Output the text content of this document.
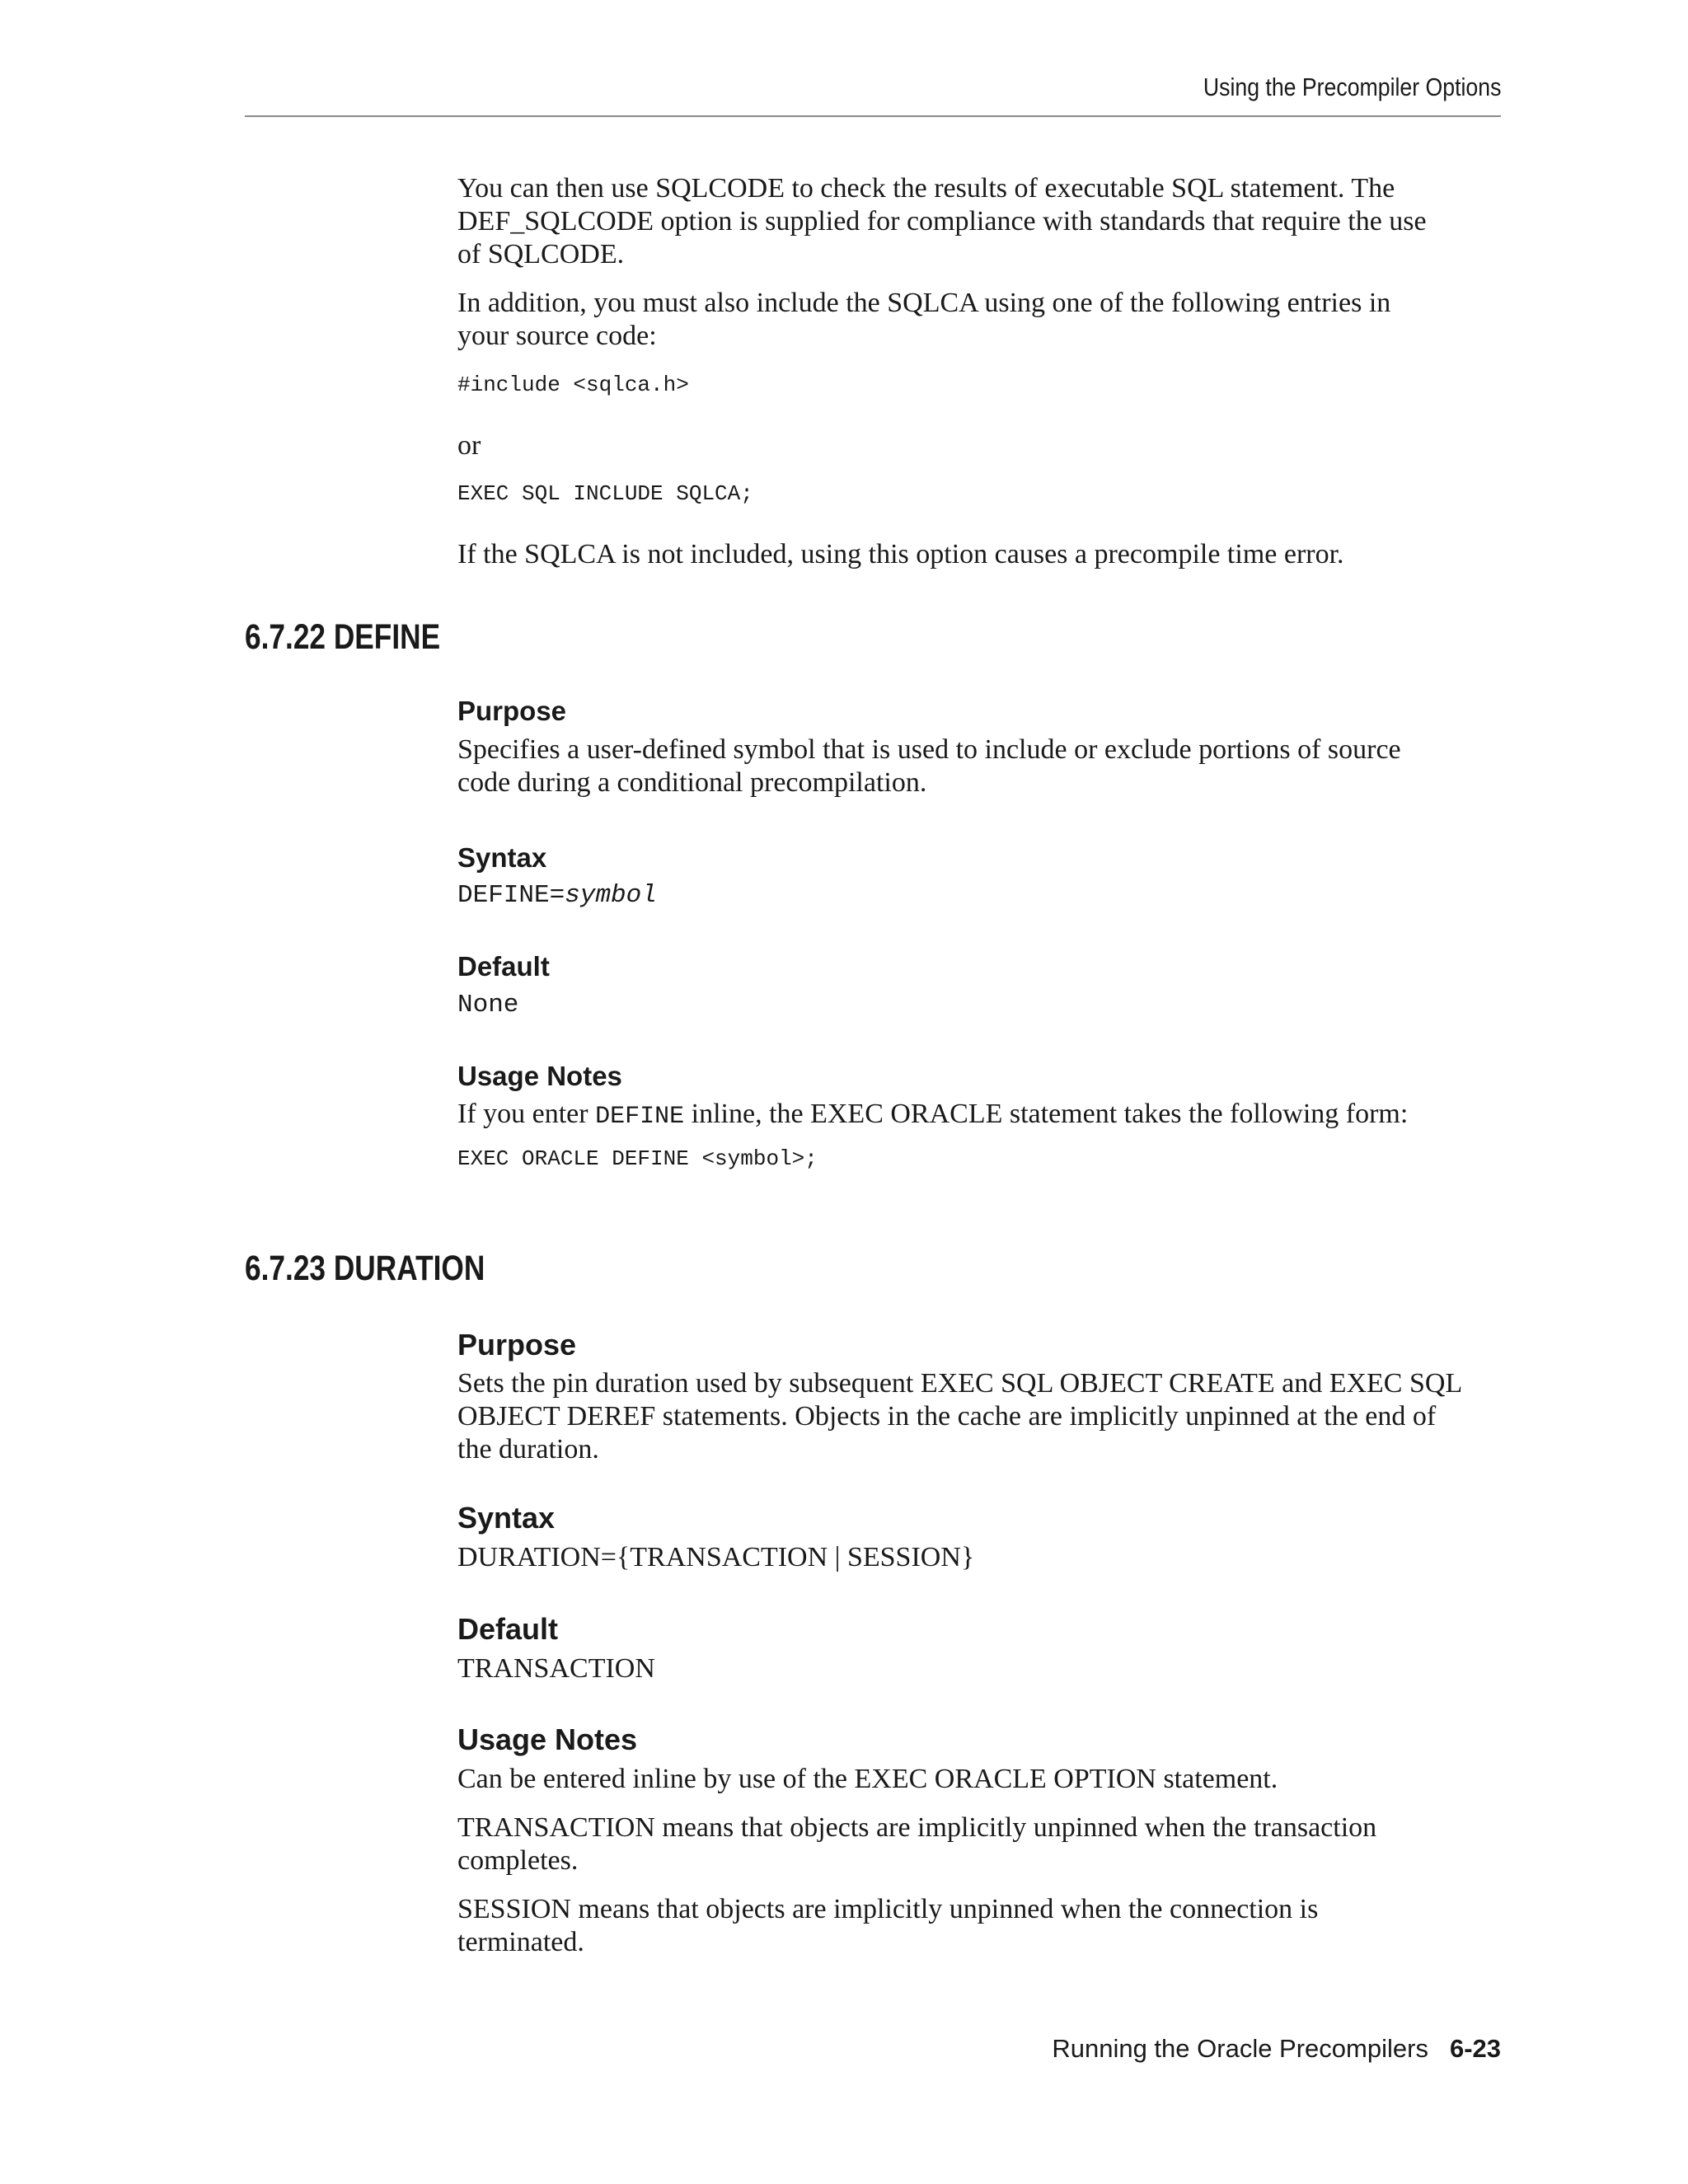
Using the Precompiler Options

You can then use SQLCODE to check the results of executable SQL statement. The
DEF_SQLCODE option is supplied for compliance with standards that require the use
of SQLCODE.

In addition, you must also include the SQLCA using one of the following entries in
your source code:

#include <sqlca.h>

or

EXEC SQL INCLUDE SQLCA;

If the SQLCA is not included, using this option causes a precompile time error.

6.7.22 DEFINE
Purpose

Specifies a user-defined symbol that is used to include or exclude portions of source
code during a conditional precompilation.

Syntax

DEFINE=symbol

Default

None

Usage Notes

If you enter DEFINE inline, the EXEC ORACLE statement takes the following form:

EXEC ORACLE DEFINE <symbol>;
6.7.23 DURATION
Purpose

Sets the pin duration used by subsequent EXEC SQL OBJECT CREATE and EXEC SQL
OBJECT DEREF statements. Objects in the cache are implicitly unpinned at the end of
the duration.

Syntax

DURATION={TRANSACTION | SESSION}

Default

TRANSACTION

Usage Notes

Can be entered inline by use of the EXEC ORACLE OPTION statement.

TRANSACTION means that objects are implicitly unpinned when the transaction
completes.

SESSION means that objects are implicitly unpinned when the connection is
terminated.

Running the Oracle Precompilers 6-23
